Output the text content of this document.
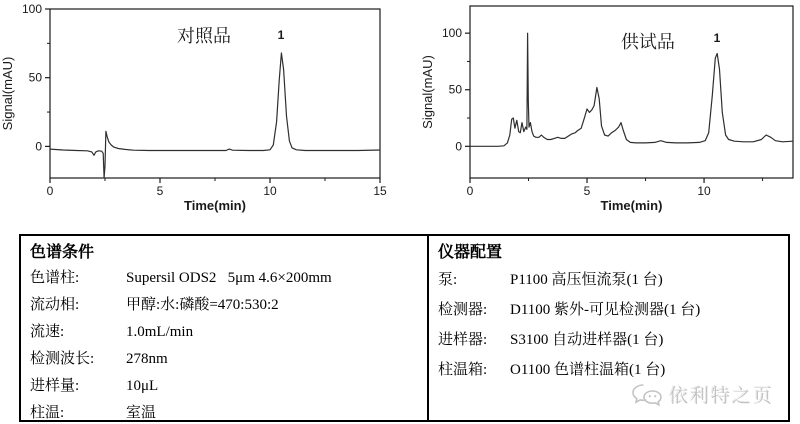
0	5	10	15
0
50
100
Time(min)
Signal(mAU)
对照品	1
0	5	10
0
50
100
Time(min)
Signal(mAU)
供试品	1
色谱条件
色谱柱:	Supersil ODS2   5μm 4.6×200mm
流动相:	甲醇:水:磷酸=470:530:2
流速:	1.0mL/min
检测波长:	278nm
进样量:	10μL
柱温:	室温
仪器配置
泵:	P1100 高压恒流泵(1 台)
检测器:	D1100 紫外-可见检测器(1 台)
进样器:	S3100 自动进样器(1 台)
柱温箱:	O1100 色谱柱温箱(1 台)
依利特之页
